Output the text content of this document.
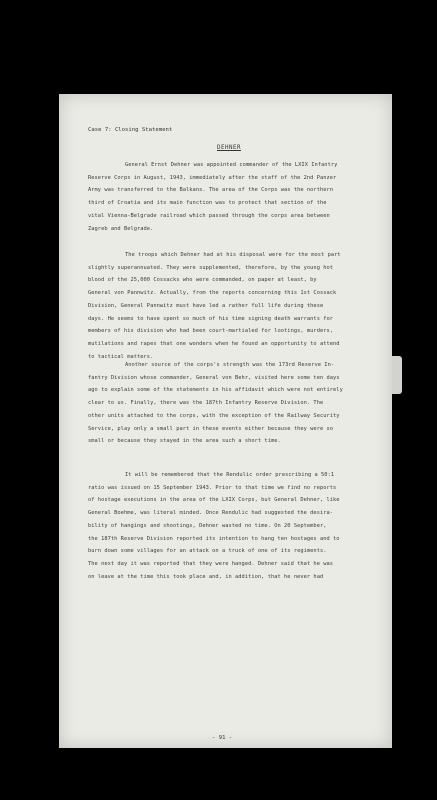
Case 7: Closing Statement
DEHNER
General Ernst Dehner was appointed commander of the LXIX Infantry
Reserve Corps in August, 1943, immediately after the staff of the 2nd Panzer
Army was transferred to the Balkans. The area of the Corps was the northern
third of Croatia and its main function was to protect that section of the
vital Vienna-Belgrade railroad which passed through the corps area between
Zagreb and Belgrade.
The troops which Dehner had at his disposal were for the most part
slightly superannuated. They were supplemented, therefore, by the young hot
blood of the 25,000 Cossacks who were commanded, on paper at least, by
General von Pannwitz. Actually, from the reports concerning this 1st Cossack
Division, General Pannwitz must have led a rather full life during these
days. He seems to have spent so much of his time signing death warrants for
members of his division who had been court-martialed for lootings, murders,
mutilations and rapes that one wonders when he found an opportunity to attend
to tactical matters.
Another source of the corps's strength was the 173rd Reserve In-
fantry Division whose commander, General von Behr, visited here some ten days
ago to explain some of the statements in his affidavit which were not entirely
clear to us. Finally, there was the 187th Infantry Reserve Division. The
other units attached to the corps, with the exception of the Railway Security
Service, play only a small part in these events either because they were so
small or because they stayed in the area such a short time.
It will be remembered that the Rendulic order prescribing a 50:1
ratio was issued on 15 September 1943. Prior to that time we find no reports
of hostage executions in the area of the LXIX Corps, but General Dehner, like
General Boehme, was literal minded. Once Rendulic had suggested the desira-
bility of hangings and shootings, Dehner wasted no time. On 20 September,
the 187th Reserve Division reported its intention to hang ten hostages and to
burn down some villages for an attack on a truck of one of its regiments.
The next day it was reported that they were hanged. Dehner said that he was
on leave at the time this took place and, in addition, that he never had
- 91 -
